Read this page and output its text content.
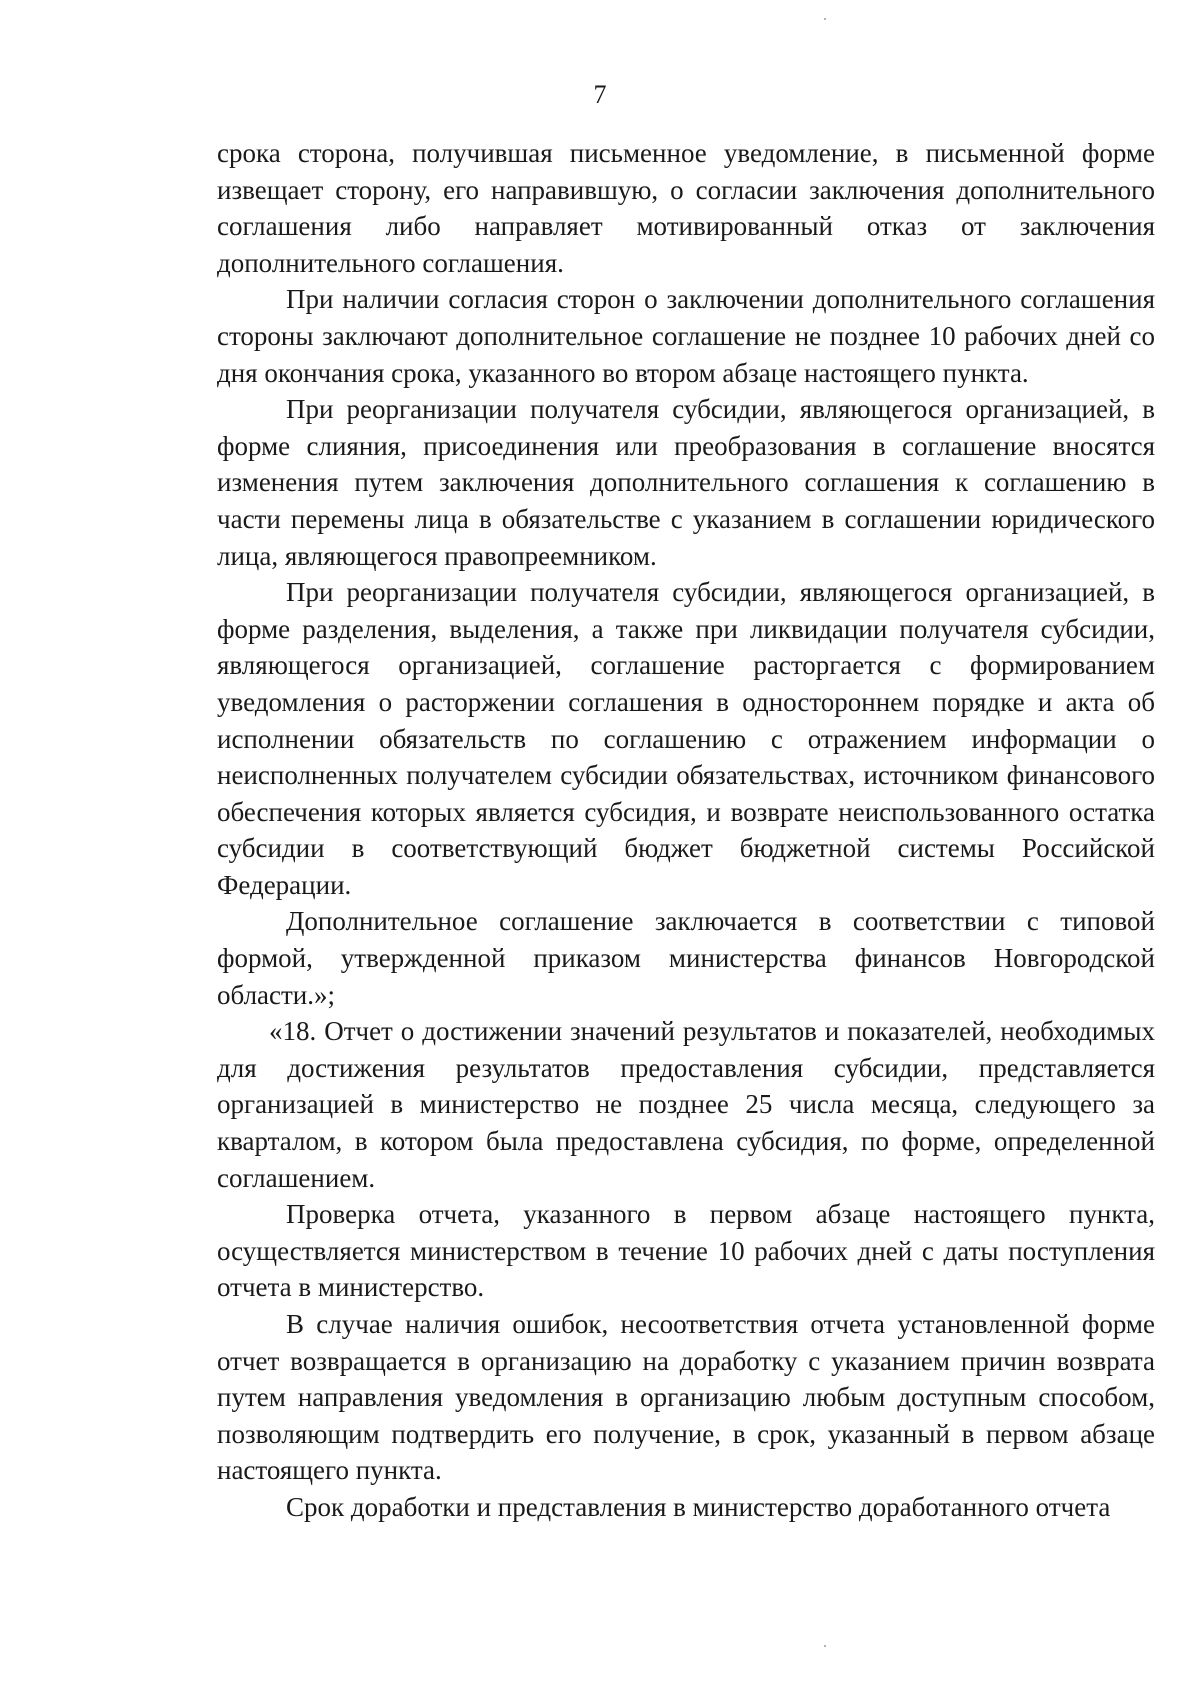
7

срока сторона, получившая письменное уведомление, в письменной форме извещает сторону, его направившую, о согласии заключения дополнительного соглашения либо направляет мотивированный отказ от заключения дополнительного соглашения.

При наличии согласия сторон о заключении дополнительного соглашения стороны заключают дополнительное соглашение не позднее 10 рабочих дней со дня окончания срока, указанного во втором абзаце настоящего пункта.

При реорганизации получателя субсидии, являющегося организацией, в форме слияния, присоединения или преобразования в соглашение вносятся изменения путем заключения дополнительного соглашения к соглашению в части перемены лица в обязательстве с указанием в соглашении юридического лица, являющегося правопреемником.

При реорганизации получателя субсидии, являющегося организацией, в форме разделения, выделения, а также при ликвидации получателя субсидии, являющегося организацией, соглашение расторгается с формированием уведомления о расторжении соглашения в одностороннем порядке и акта об исполнении обязательств по соглашению с отражением информации о неисполненных получателем субсидии обязательствах, источником финансового обеспечения которых является субсидия, и возврате неиспользованного остатка субсидии в соответствующий бюджет бюджетной системы Российской Федерации.

Дополнительное соглашение заключается в соответствии с типовой формой, утвержденной приказом министерства финансов Новгородской области.»;

«18. Отчет о достижении значений результатов и показателей, необходимых для достижения результатов предоставления субсидии, представляется организацией в министерство не позднее 25 числа месяца, следующего за кварталом, в котором была предоставлена субсидия, по форме, определенной соглашением.

Проверка отчета, указанного в первом абзаце настоящего пункта, осуществляется министерством в течение 10 рабочих дней с даты поступления отчета в министерство.

В случае наличия ошибок, несоответствия отчета установленной форме отчет возвращается в организацию на доработку с указанием причин возврата путем направления уведомления в организацию любым доступным способом, позволяющим подтвердить его получение, в срок, указанный в первом абзаце настоящего пункта.

Срок доработки и представления в министерство доработанного отчета
